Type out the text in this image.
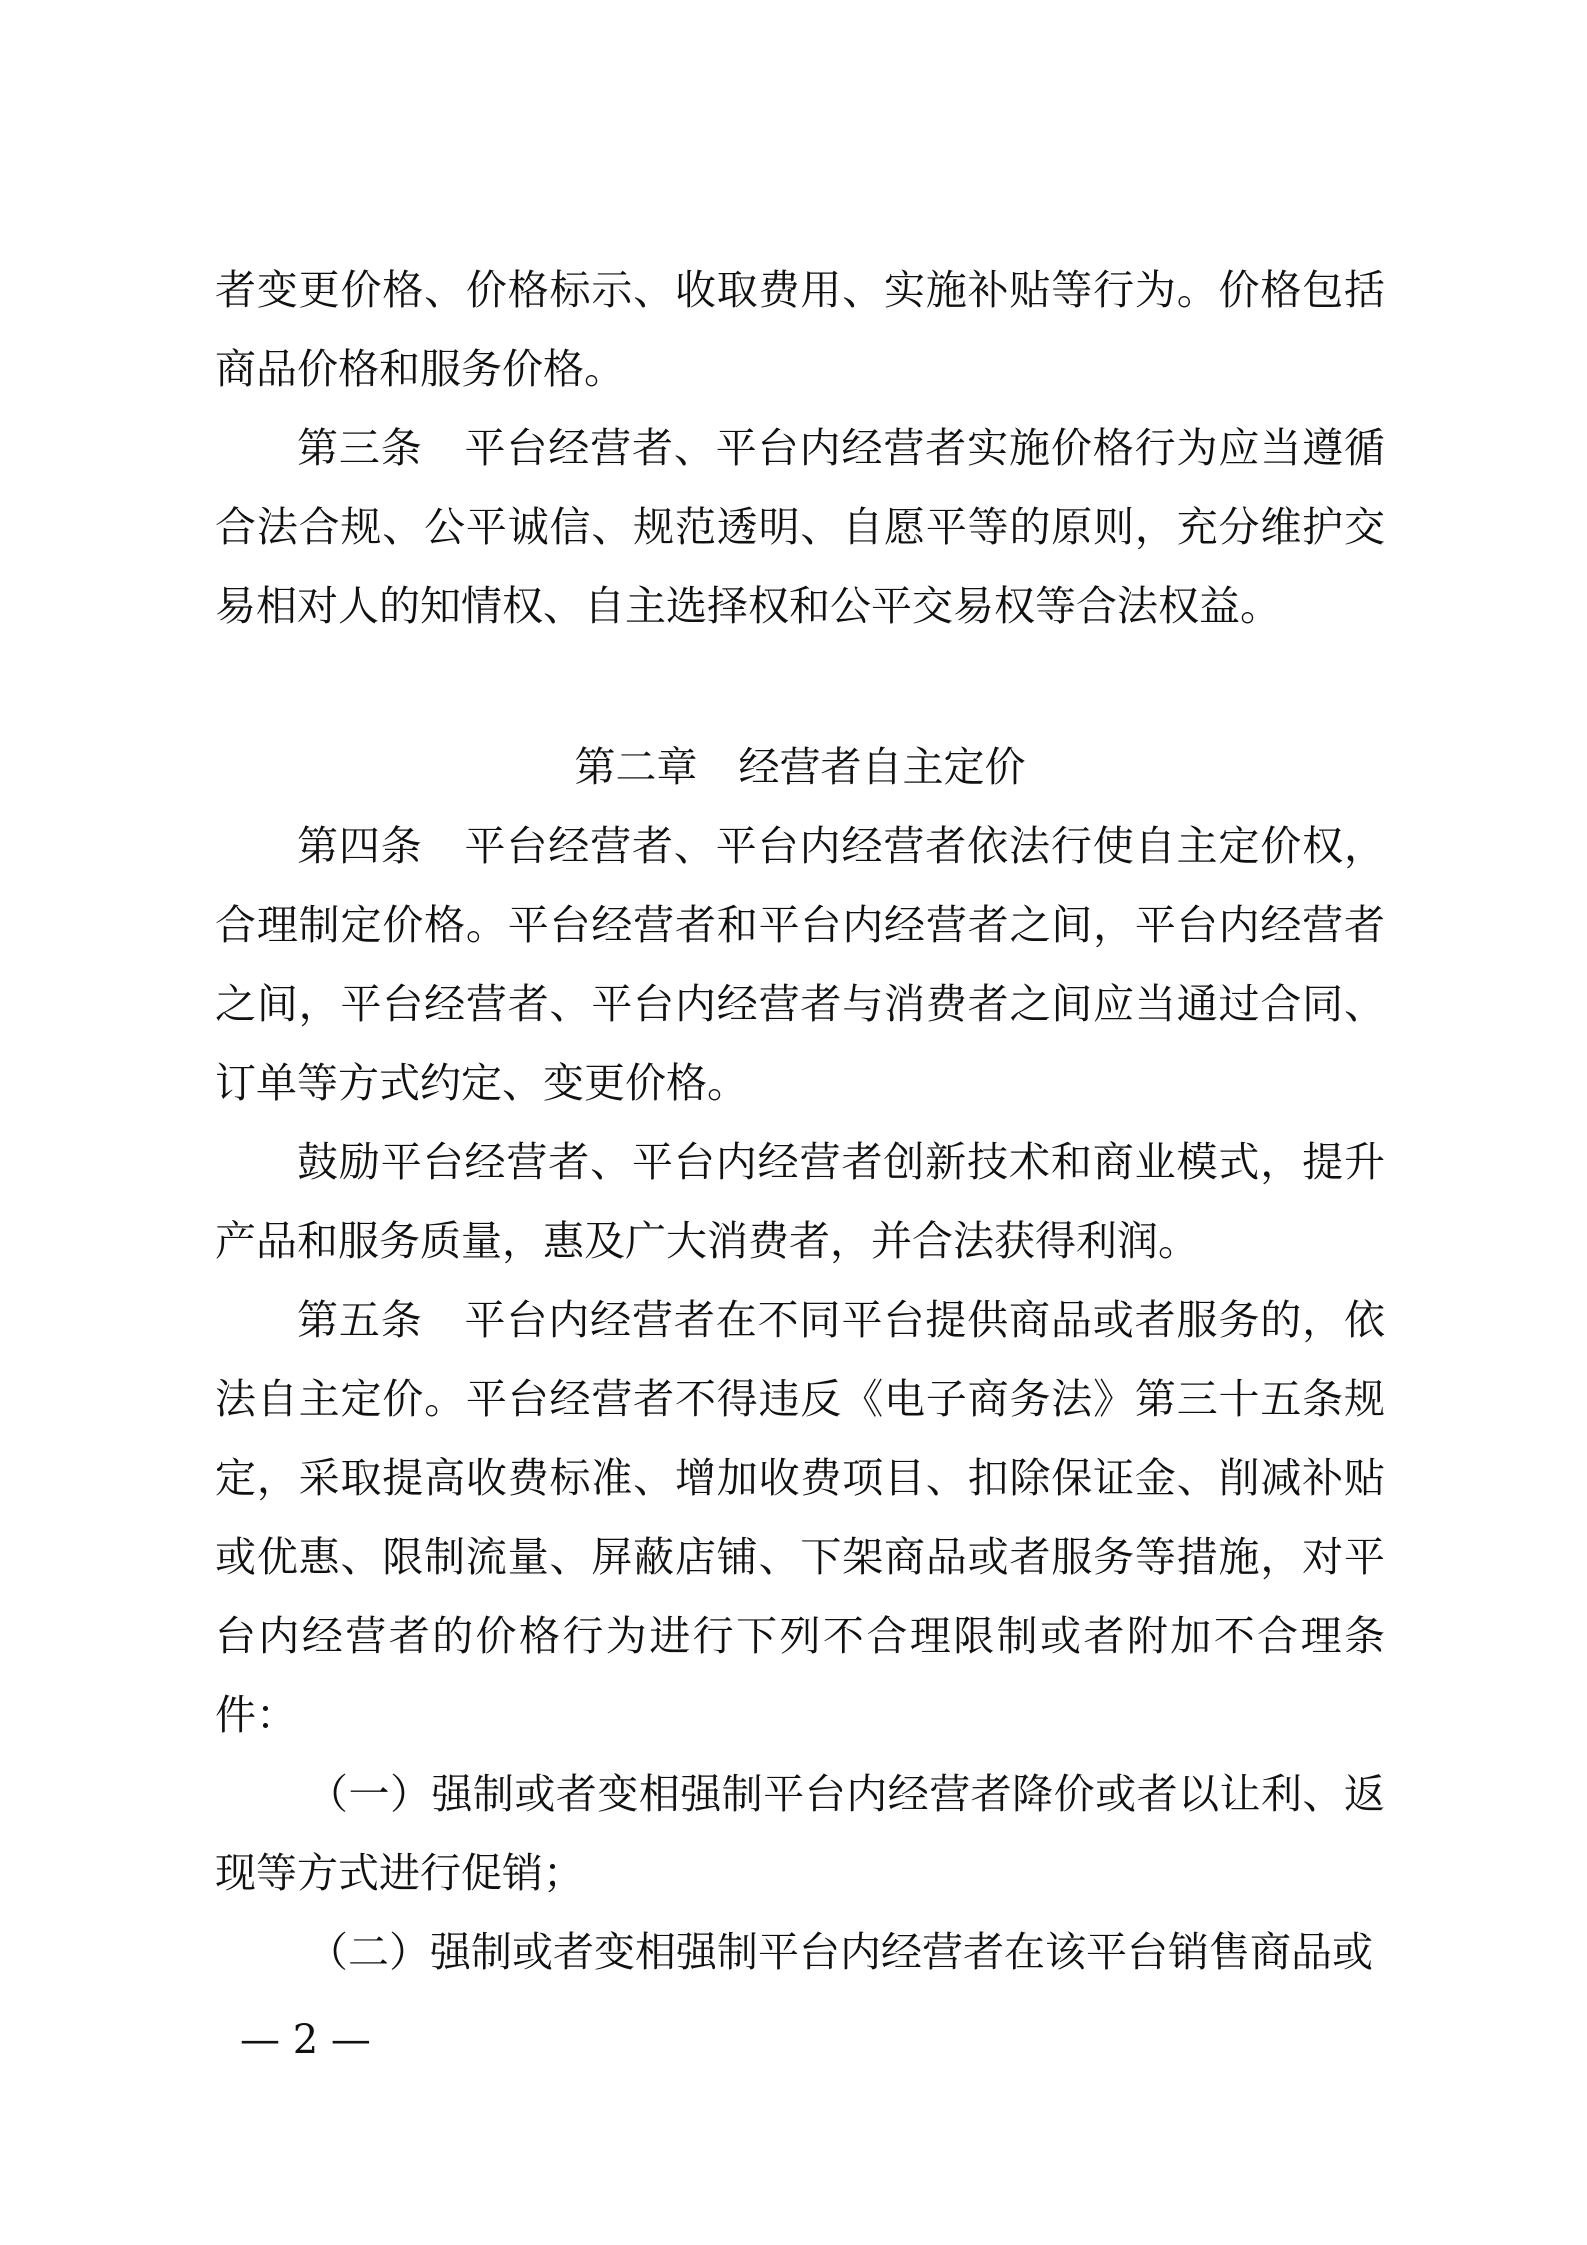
者变更价格、价格标示、收取费用、实施补贴等行为。价格包括商品价格和服务价格。

第三条　平台经营者、平台内经营者实施价格行为应当遵循合法合规、公平诚信、规范透明、自愿平等的原则，充分维护交易相对人的知情权、自主选择权和公平交易权等合法权益。

第二章　经营者自主定价

第四条　平台经营者、平台内经营者依法行使自主定价权，合理制定价格。平台经营者和平台内经营者之间，平台内经营者之间，平台经营者、平台内经营者与消费者之间应当通过合同、订单等方式约定、变更价格。

鼓励平台经营者、平台内经营者创新技术和商业模式，提升产品和服务质量，惠及广大消费者，并合法获得利润。

第五条　平台内经营者在不同平台提供商品或者服务的，依法自主定价。平台经营者不得违反《电子商务法》第三十五条规定，采取提高收费标准、增加收费项目、扣除保证金、削减补贴或优惠、限制流量、屏蔽店铺、下架商品或者服务等措施，对平台内经营者的价格行为进行下列不合理限制或者附加不合理条件：

（一）强制或者变相强制平台内经营者降价或者以让利、返现等方式进行促销；

（二）强制或者变相强制平台内经营者在该平台销售商品或

— 2 —
